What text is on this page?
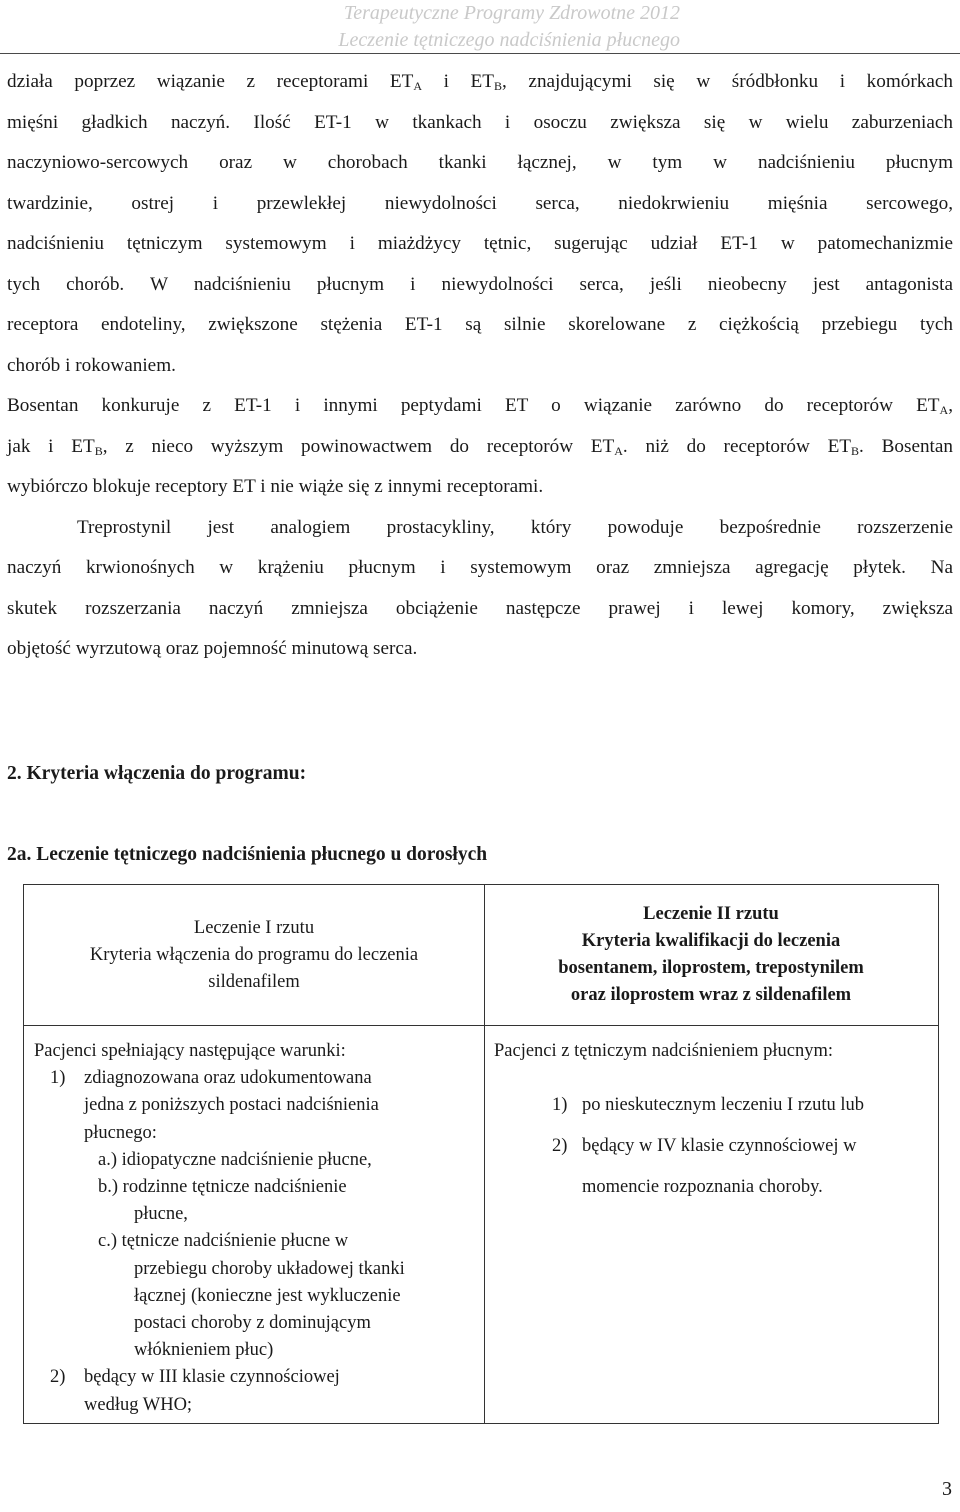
Terapeutyczne Programy Zdrowotne 2012
Leczenie tętniczego nadciśnienia płucnego
działa poprzez wiązanie z receptorami $ET_A$ i $ET_B$, znajdującymi się w śródbłonku i komórkach
mięśni gładkich naczyń. Ilość ET-1 w tkankach i osoczu zwiększa się w wielu zaburzeniach
naczyniowo-sercowych oraz w chorobach tkanki łącznej, w tym w nadciśnieniu płucnym
twardzinie, ostrej i przewlekłej niewydolności serca, niedokrwieniu mięśnia sercowego,
nadciśnieniu tętniczym systemowym i miażdżycy tętnic, sugerując udział ET-1 w patomechanizmie
tych chorób. W nadciśnieniu płucnym i niewydolności serca, jeśli nieobecny jest antagonista
receptora endoteliny, zwiększone stężenia ET-1 są silnie skorelowane z ciężkością przebiegu tych
chorób i rokowaniem.
Bosentan konkuruje z ET-1 i innymi peptydami ET o wiązanie zarówno do receptorów $ET_A$,
jak i $ET_B$, z nieco wyższym powinowactwem do receptorów $ET_A$. niż do receptorów $ET_B$. Bosentan
wybiórczo blokuje receptory ET i nie wiąże się z innymi receptorami.
Treprostynil jest analogiem prostacykliny, który powoduje bezpośrednie rozszerzenie
naczyń krwionośnych w krążeniu płucnym i systemowym oraz zmniejsza agregację płytek. Na
skutek rozszerzania naczyń zmniejsza obciążenie następcze prawej i lewej komory, zwiększa
objętość wyrzutową oraz pojemność minutową serca.
2. Kryteria włączenia do programu:
2a. Leczenie tętniczego nadciśnienia płucnego u dorosłych
Leczenie I rzutu
Kryteria włączenia do programu do leczenia
sildenafilem
Leczenie II rzutu
Kryteria kwalifikacji do leczenia
bosentanem, iloprostem, trepostynilem
oraz iloprostem wraz z sildenafilem
Pacjenci spełniający następujące warunki:
1)	zdiagnozowana oraz udokumentowana
jedna z poniższych postaci nadciśnienia
płucnego:
a.) idiopatyczne nadciśnienie płucne,
b.) rodzinne tętnicze nadciśnienie
płucne,
c.) tętnicze nadciśnienie płucne w
przebiegu choroby układowej tkanki
łącznej (konieczne jest wykluczenie
postaci choroby z dominującym
włóknieniem płuc)
2)	będący w III klasie czynnościowej
według WHO;
Pacjenci z tętniczym nadciśnieniem płucnym:
1) po nieskutecznym leczeniu I rzutu lub
2) będący w IV klasie czynnościowej w
momencie rozpoznania choroby.
3
